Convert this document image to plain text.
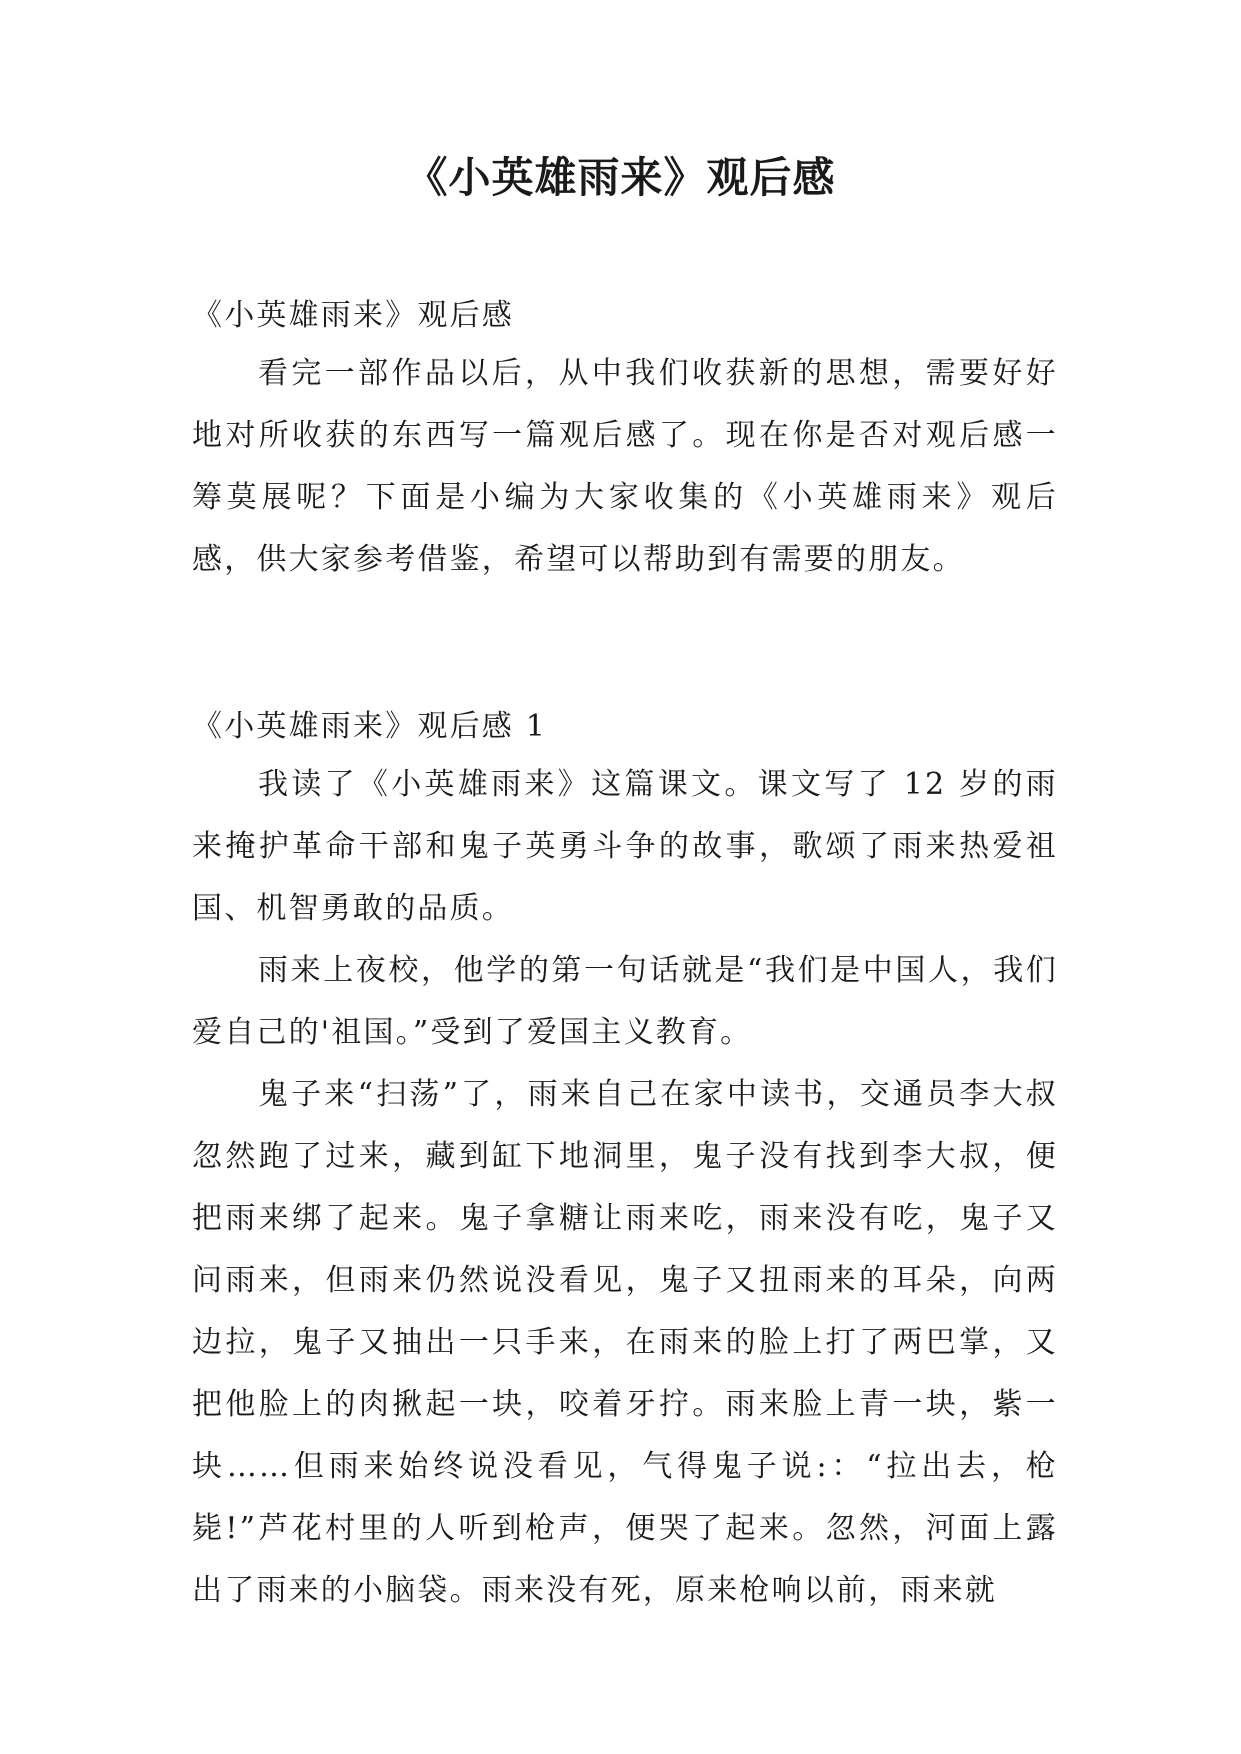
《小英雄雨来》观后感
《小英雄雨来》观后感

看完一部作品以后，从中我们收获新的思想，需要好好地对所收获的东西写一篇观后感了。现在你是否对观后感一筹莫展呢？下面是小编为大家收集的《小英雄雨来》观后感，供大家参考借鉴，希望可以帮助到有需要的朋友。

《小英雄雨来》观后感 1

我读了《小英雄雨来》这篇课文。课文写了 12 岁的雨来掩护革命干部和鬼子英勇斗争的故事，歌颂了雨来热爱祖国、机智勇敢的品质。

雨来上夜校，他学的第一句话就是“我们是中国人，我们爱自己的'祖国。”受到了爱国主义教育。

鬼子来“扫荡”了，雨来自己在家中读书，交通员李大叔忽然跑了过来，藏到缸下地洞里，鬼子没有找到李大叔，便把雨来绑了起来。鬼子拿糖让雨来吃，雨来没有吃，鬼子又问雨来，但雨来仍然说没看见，鬼子又扭雨来的耳朵，向两边拉，鬼子又抽出一只手来，在雨来的脸上打了两巴掌，又把他脸上的肉揪起一块，咬着牙拧。雨来脸上青一块，紫一块……但雨来始终说没看见，气得鬼子说:：“拉出去，枪毙!”芦花村里的人听到枪声，便哭了起来。忽然，河面上露出了雨来的小脑袋。雨来没有死，原来枪响以前，雨来就
